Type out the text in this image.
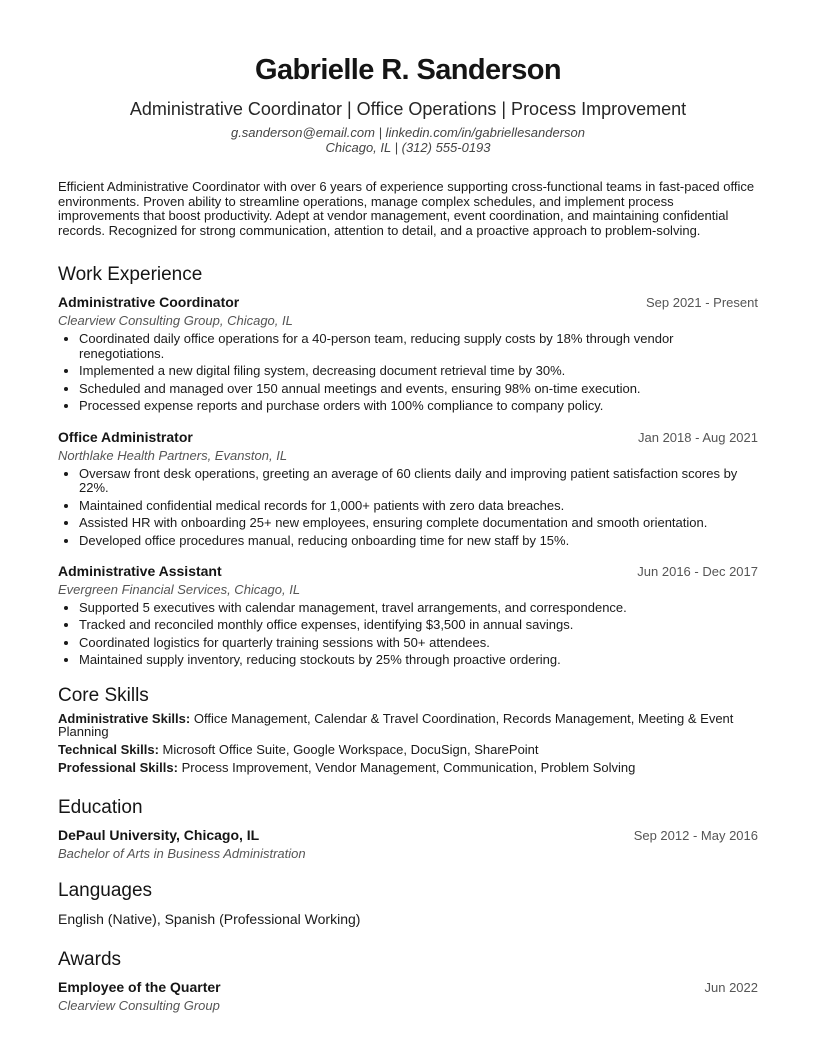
Gabrielle R. Sanderson
Administrative Coordinator | Office Operations | Process Improvement
g.sanderson@email.com | linkedin.com/in/gabriellesanderson
Chicago, IL | (312) 555-0193

Efficient Administrative Coordinator with over 6 years of experience supporting cross-functional teams in fast-paced office environments. Proven ability to streamline operations, manage complex schedules, and implement process improvements that boost productivity. Adept at vendor management, event coordination, and maintaining confidential records. Recognized for strong communication, attention to detail, and a proactive approach to problem-solving.

Work Experience
Administrative Coordinator	Sep 2021 - Present
Clearview Consulting Group, Chicago, IL
• Coordinated daily office operations for a 40-person team, reducing supply costs by 18% through vendor renegotiations.
• Implemented a new digital filing system, decreasing document retrieval time by 30%.
• Scheduled and managed over 150 annual meetings and events, ensuring 98% on-time execution.
• Processed expense reports and purchase orders with 100% compliance to company policy.
Office Administrator	Jan 2018 - Aug 2021
Northlake Health Partners, Evanston, IL
• Oversaw front desk operations, greeting an average of 60 clients daily and improving patient satisfaction scores by 22%.
• Maintained confidential medical records for 1,000+ patients with zero data breaches.
• Assisted HR with onboarding 25+ new employees, ensuring complete documentation and smooth orientation.
• Developed office procedures manual, reducing onboarding time for new staff by 15%.
Administrative Assistant	Jun 2016 - Dec 2017
Evergreen Financial Services, Chicago, IL
• Supported 5 executives with calendar management, travel arrangements, and correspondence.
• Tracked and reconciled monthly office expenses, identifying $3,500 in annual savings.
• Coordinated logistics for quarterly training sessions with 50+ attendees.
• Maintained supply inventory, reducing stockouts by 25% through proactive ordering.
Core Skills
Administrative Skills: Office Management, Calendar & Travel Coordination, Records Management, Meeting & Event Planning
Technical Skills: Microsoft Office Suite, Google Workspace, DocuSign, SharePoint
Professional Skills: Process Improvement, Vendor Management, Communication, Problem Solving
Education
DePaul University, Chicago, IL	Sep 2012 - May 2016
Bachelor of Arts in Business Administration
Languages
English (Native), Spanish (Professional Working)
Awards
Employee of the Quarter	Jun 2022
Clearview Consulting Group
